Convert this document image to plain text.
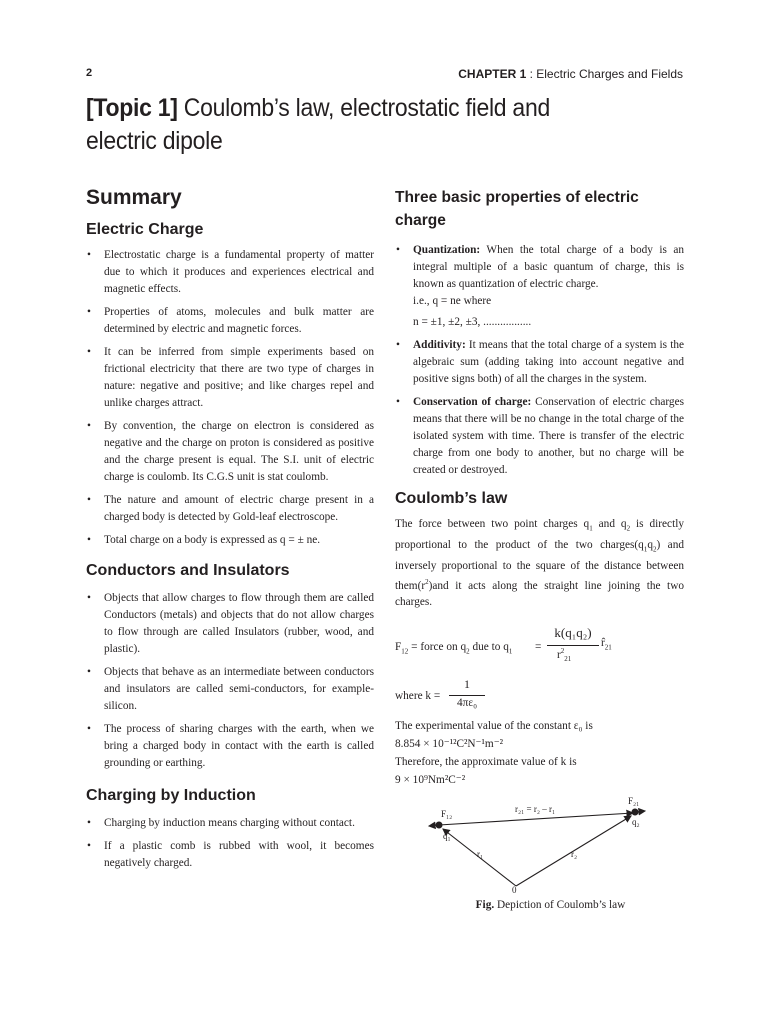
2	CHAPTER 1 : Electric Charges and Fields
[Topic 1] Coulomb’s law, electrostatic field and
electric dipole
Summary
Electric Charge
• Electrostatic charge is a fundamental property of matter due to which it produces and experiences electrical and magnetic effects.
• Properties of atoms, molecules and bulk matter are determined by electric and magnetic forces.
• It can be inferred from simple experiments based on frictional electricity that there are two type of charges in nature: negative and positive; and like charges repel and unlike charges attract.
• By convention, the charge on electron is considered as negative and the charge on proton is considered as positive and the charge present is equal. The S.I. unit of electric charge is coulomb. Its C.G.S unit is stat coulomb.
• The nature and amount of electric charge present in a charged body is detected by Gold-leaf electroscope.
• Total charge on a body is expressed as q = ± ne.
Conductors and Insulators
• Objects that allow charges to flow through them are called Conductors (metals) and objects that do not allow charges to flow through are called Insulators (rubber, wood, and plastic).
• Objects that behave as an intermediate between conductors and insulators are called semi-conductors, for example- silicon.
• The process of sharing charges with the earth, when we bring a charged body in contact with the earth is called grounding or earthing.
Charging by Induction
• Charging by induction means charging without contact.
• If a plastic comb is rubbed with wool, it becomes negatively charged.
Three basic properties of electric charge
• Quantization: When the total charge of a body is an integral multiple of a basic quantum of charge, this is known as quantization of electric charge.
i.e., q = ne where
n = ±1, ±2, ±3, .................
• Additivity: It means that the total charge of a system is the algebraic sum (adding taking into account negative and positive signs both) of all the charges in the system.
• Conservation of charge: Conservation of electric charges means that there will be no change in the total charge of the isolated system with time. There is transfer of the electric charge from one body to another, but no charge will be created or destroyed.
Coulomb’s law

The force between two point charges $q_1$ and $q_2$ is directly proportional to the product of the two $charges(q_1q_2)$ and inversely proportional to the square of the distance between $them(r^2)and$ it acts along the straight line joining the two charges.

$F_{12}$ = force on $q_2$ due to $q_1$ =
k(q₁q₂)
$r^2_{21}$
$r̂_{21}$
where k =
1
4πε₀

The experimental value of the constant ε₀ is

8.854 × 10⁻¹²C²N⁻¹m⁻²

Therefore, the approximate value of k is

9 × 10⁹Nm²C⁻²

F₁₂
q₁
F₂₁
q₂
r₂₁ = r₂ – r₁
r₁	r₂
0

Fig. Depiction of Coulomb’s law
